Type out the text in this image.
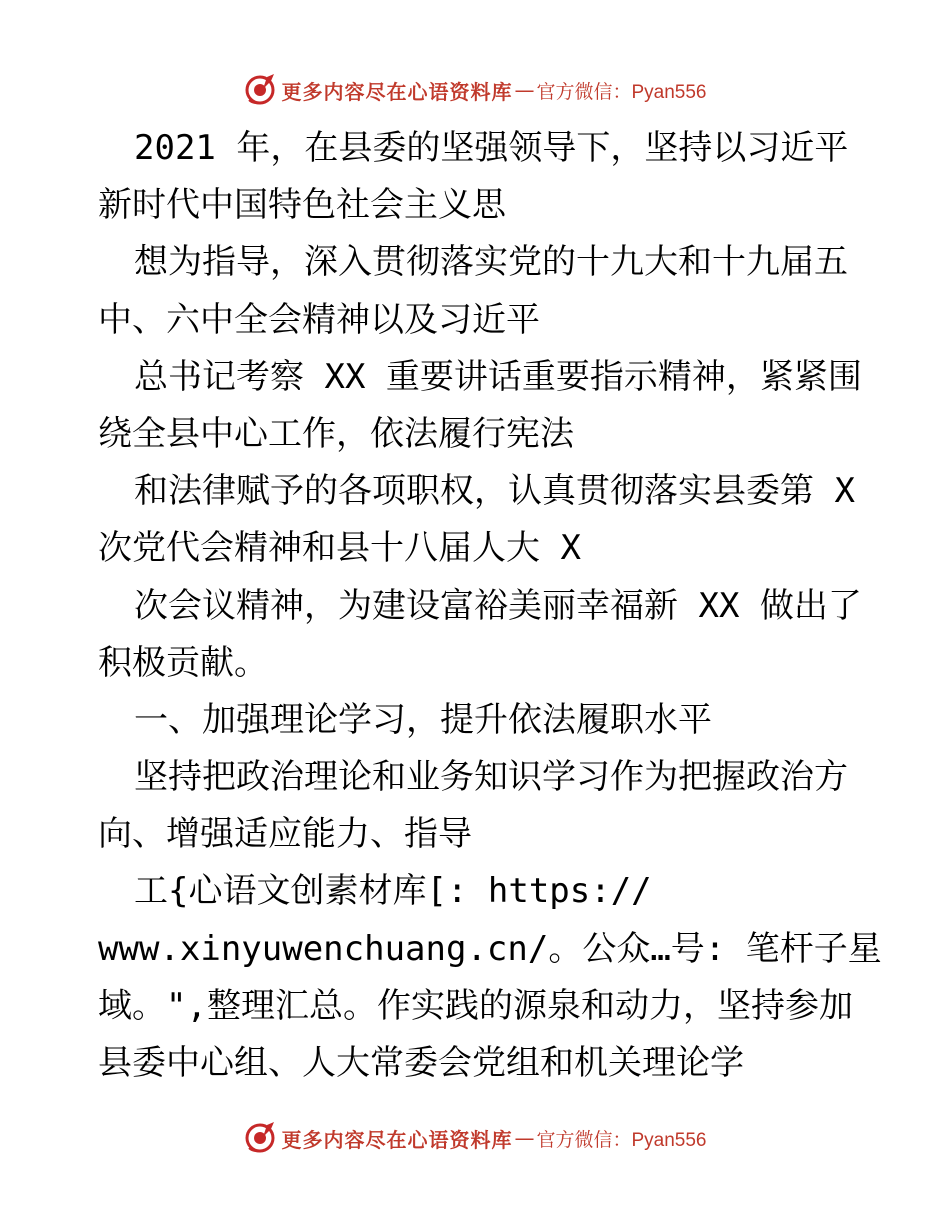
更多内容尽在心语资料库 — 官方微信：Pyan556
2021 年，在县委的坚强领导下，坚持以习近平
新时代中国特色社会主义思
想为指导，深入贯彻落实党的十九大和十九届五
中、六中全会精神以及习近平
总书记考察 XX 重要讲话重要指示精神，紧紧围
绕全县中心工作，依法履行宪法
和法律赋予的各项职权，认真贯彻落实县委第 X
次党代会精神和县十八届人大 X
次会议精神，为建设富裕美丽幸福新 XX 做出了
积极贡献。
一、加强理论学习，提升依法履职水平
坚持把政治理论和业务知识学习作为把握政治方
向、增强适应能力、指导
工{心语文创素材库[: https://
www.xinyuwenchuang.cn/。公众…号: 笔杆子星
域。",整理汇总。作实践的源泉和动力，坚持参加
县委中心组、人大常委会党组和机关理论学
更多内容尽在心语资料库 — 官方微信：Pyan556
